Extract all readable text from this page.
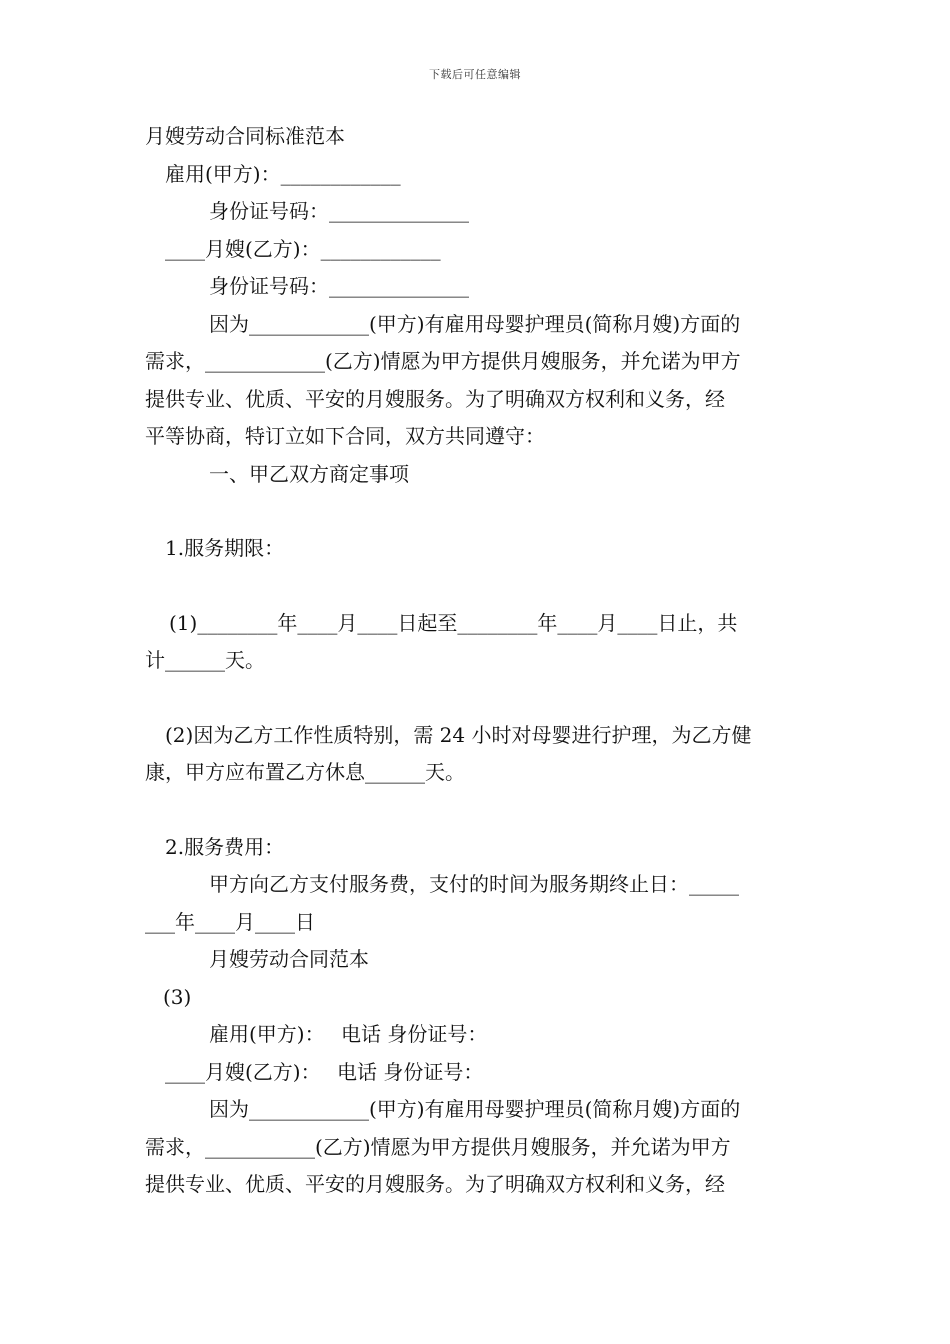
下载后可任意编辑
月嫂劳动合同标准范本
雇用(甲方)：____________
身份证号码：______________
____月嫂(乙方)：____________
身份证号码：______________
因为____________(甲方)有雇用母婴护理员(简称月嫂)方面的
需求，____________(乙方)情愿为甲方提供月嫂服务，并允诺为甲方
提供专业、优质、平安的月嫂服务。为了明确双方权利和义务，经
平等协商，特订立如下合同，双方共同遵守：
一、甲乙双方商定事项
1.服务期限：
(1)________年____月____日起至________年____月____日止，共
计______天。
(2)因为乙方工作性质特别，需 24 小时对母婴进行护理，为乙方健
康，甲方应布置乙方休息______天。
2.服务费用：
甲方向乙方支付服务费，支付的时间为服务期终止日：_____
___年____月____日
月嫂劳动合同范本
(3)
雇用(甲方)：　 电话 身份证号：
____月嫂(乙方)：　 电话 身份证号：
因为____________(甲方)有雇用母婴护理员(简称月嫂)方面的
需求，___________(乙方)情愿为甲方提供月嫂服务，并允诺为甲方
提供专业、优质、平安的月嫂服务。为了明确双方权利和义务，经
